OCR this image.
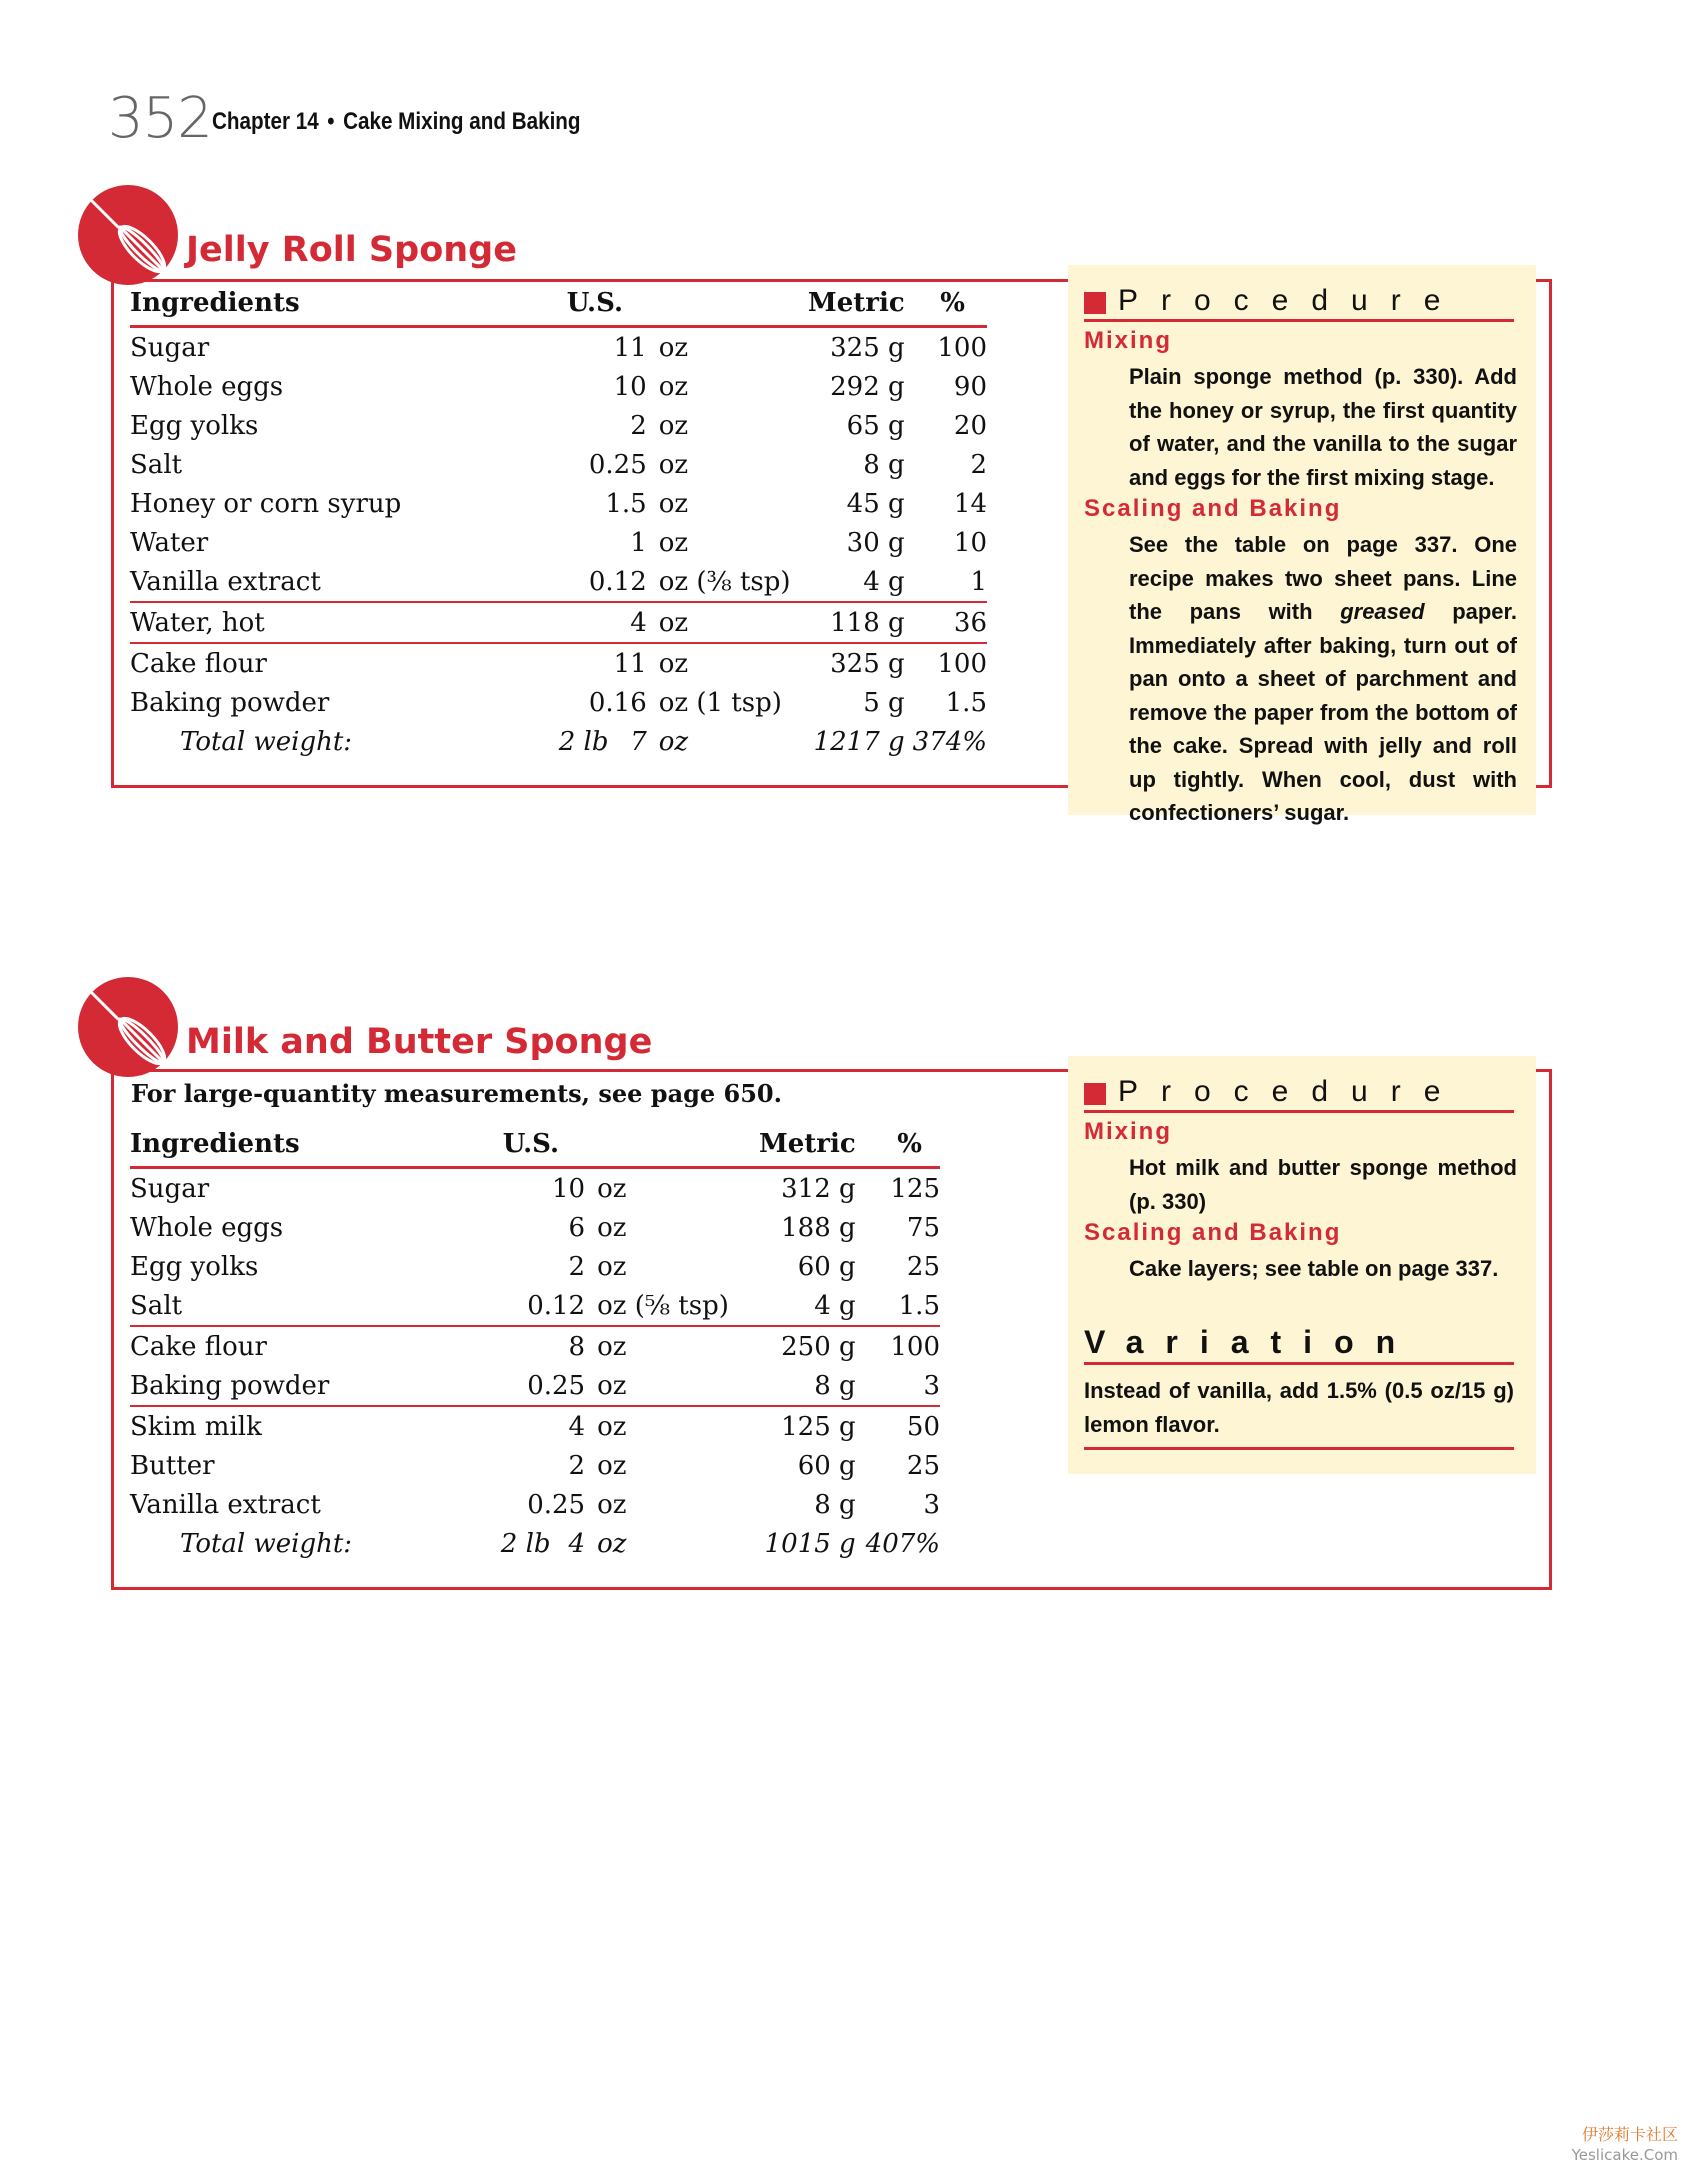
352 Chapter 14 • Cake Mixing and Baking
Jelly Roll Sponge
Ingredients	U.S.		Metric	%
Sugar	11	oz	325 g	100
Whole eggs	10	oz	292 g	90
Egg yolks	2	oz	65 g	20
Salt	0.25	oz	8 g	2
Honey or corn syrup	1.5	oz	45 g	14
Water	1	oz	30 g	10
Vanilla extract	0.12	oz (⅜ tsp)	4 g	1
Water, hot	4	oz	118 g	36
Cake flour	11	oz	325 g	100
Baking powder	0.16	oz (1 tsp)	5 g	1.5
Total weight:	2 lb 7	oz	1217 g	374%
Procedure
Mixing
Plain sponge method (p. 330). Add the honey or syrup, the first quantity of water, and the vanilla to the sugar and eggs for the first mixing stage.
Scaling and Baking
See the table on page 337. One recipe makes two sheet pans. Line the pans with greased paper. Immediately after baking, turn out of pan onto a sheet of parchment and remove the paper from the bottom of the cake. Spread with jelly and roll up tightly. When cool, dust with confectioners’ sugar.
Milk and Butter Sponge
For large-quantity measurements, see page 650.
Ingredients	U.S.		Metric	%
Sugar	10	oz	312 g	125
Whole eggs	6	oz	188 g	75
Egg yolks	2	oz	60 g	25
Salt	0.12	oz (⅝ tsp)	4 g	1.5
Cake flour	8	oz	250 g	100
Baking powder	0.25	oz	8 g	3
Skim milk	4	oz	125 g	50
Butter	2	oz	60 g	25
Vanilla extract	0.25	oz	8 g	3
Total weight:	2 lb 4	oz	1015 g	407%
Procedure
Mixing
Hot milk and butter sponge method (p. 330)
Scaling and Baking
Cake layers; see table on page 337.
Variation
Instead of vanilla, add 1.5% (0.5 oz/15 g) lemon flavor.
伊莎莉卡社区
Yeslicake.Com
